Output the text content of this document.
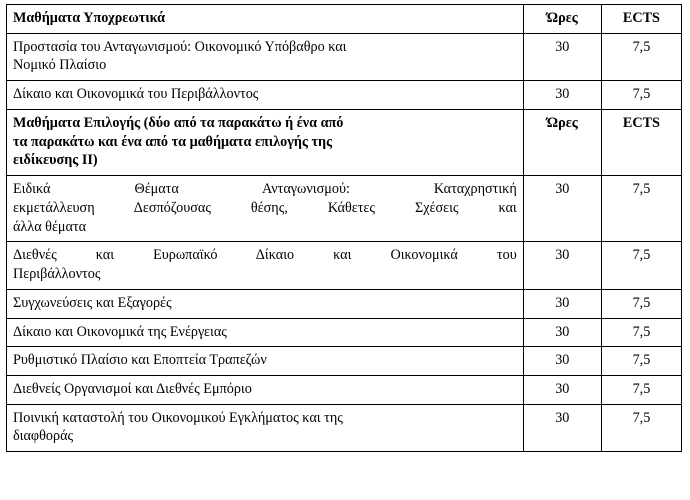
Μαθήματα Υποχρεωτικά	Ώρες	ECTS

Προστασία του Ανταγωνισμού: Οικονομικό Υπόβαθρο και
Νομικό Πλαίσιο	30	7,5

Δίκαιο και Οικονομικά του Περιβάλλοντος	30	7,5

Μαθήματα Επιλογής (δύο από τα παρακάτω ή ένα από
τα παρακάτω και ένα από τα μαθήματα επιλογής της
ειδίκευσης ΙΙ)	Ώρες	ECTS

Ειδικά Θέματα Ανταγωνισμού: Καταχρηστική
εκμετάλλευση Δεσπόζουσας θέσης, Κάθετες Σχέσεις και
άλλα θέματα	30	7,5

Διεθνές και Ευρωπαϊκό Δίκαιο και Οικονομικά του
Περιβάλλοντος	30	7,5

Συγχωνεύσεις και Εξαγορές	30	7,5

Δίκαιο και Οικονομικά της Ενέργειας	30	7,5

Ρυθμιστικό Πλαίσιο και Εποπτεία Τραπεζών	30	7,5

Διεθνείς Οργανισμοί και Διεθνές Εμπόριο	30	7,5

Ποινική καταστολή του Οικονομικού Εγκλήματος και της
διαφθοράς	30	7,5
